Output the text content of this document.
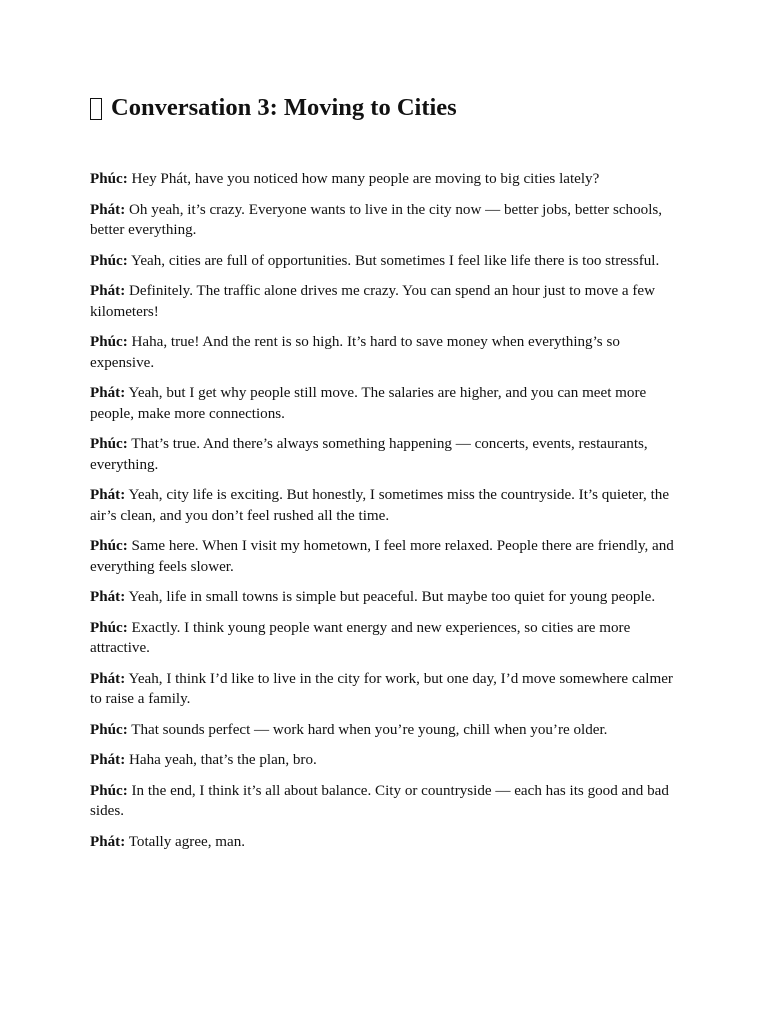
Conversation 3: Moving to Cities

Phúc: Hey Phát, have you noticed how many people are moving to big cities lately?

Phát: Oh yeah, it’s crazy. Everyone wants to live in the city now — better jobs, better schools, better everything.

Phúc: Yeah, cities are full of opportunities. But sometimes I feel like life there is too stressful.

Phát: Definitely. The traffic alone drives me crazy. You can spend an hour just to move a few kilometers!

Phúc: Haha, true! And the rent is so high. It’s hard to save money when everything’s so expensive.

Phát: Yeah, but I get why people still move. The salaries are higher, and you can meet more people, make more connections.

Phúc: That’s true. And there’s always something happening — concerts, events, restaurants, everything.

Phát: Yeah, city life is exciting. But honestly, I sometimes miss the countryside. It’s quieter, the air’s clean, and you don’t feel rushed all the time.

Phúc: Same here. When I visit my hometown, I feel more relaxed. People there are friendly, and everything feels slower.

Phát: Yeah, life in small towns is simple but peaceful. But maybe too quiet for young people.

Phúc: Exactly. I think young people want energy and new experiences, so cities are more attractive.

Phát: Yeah, I think I’d like to live in the city for work, but one day, I’d move somewhere calmer to raise a family.

Phúc: That sounds perfect — work hard when you’re young, chill when you’re older.

Phát: Haha yeah, that’s the plan, bro.

Phúc: In the end, I think it’s all about balance. City or countryside — each has its good and bad sides.

Phát: Totally agree, man.
